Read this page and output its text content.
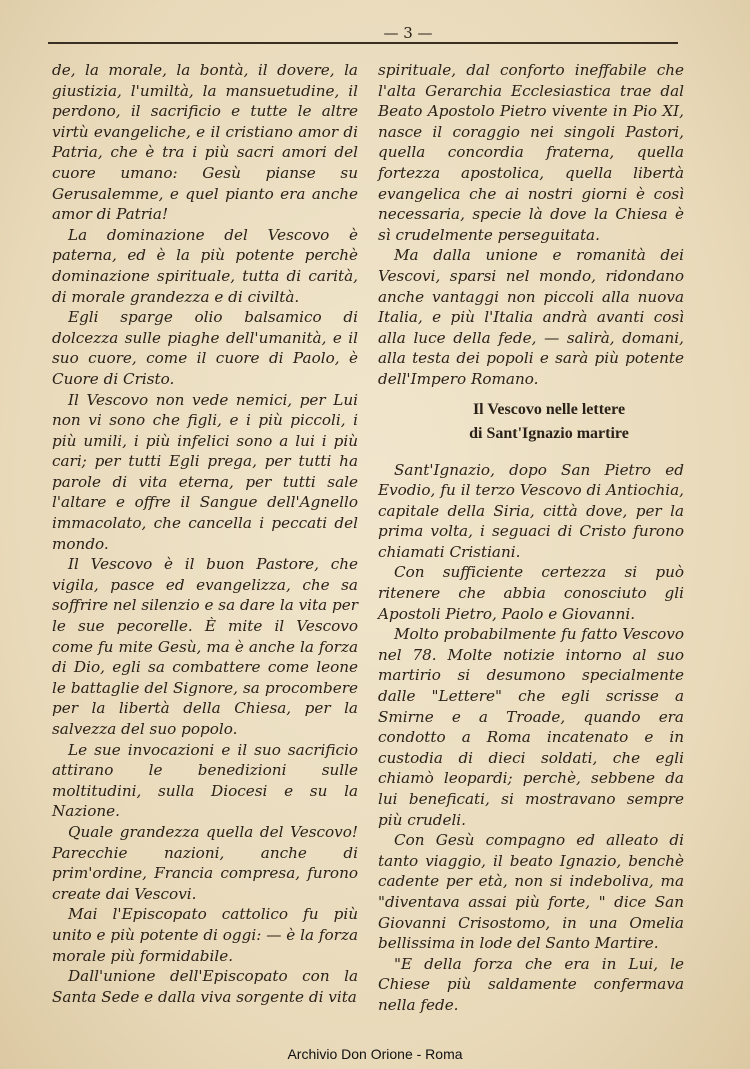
— 3 —

de, la morale, la bontà, il dovere, la giustizia, l'umiltà, la mansuetudine, il perdono, il sacrificio e tutte le altre virtù evangeliche, e il cristiano amor di Patria, che è tra i più sacri amori del cuore umano: Gesù pianse su Gerusalemme, e quel pianto era anche amor di Patria!

La dominazione del Vescovo è paterna, ed è la più potente perchè dominazione spirituale, tutta di carità, di morale grandezza e di civiltà.

Egli sparge olio balsamico di dolcezza sulle piaghe dell'umanità, e il suo cuore, come il cuore di Paolo, è Cuore di Cristo.

Il Vescovo non vede nemici, per Lui non vi sono che figli, e i più piccoli, i più umili, i più infelici sono a lui i più cari; per tutti Egli prega, per tutti ha parole di vita eterna, per tutti sale l'altare e offre il Sangue dell'Agnello immacolato, che cancella i peccati del mondo.

Il Vescovo è il buon Pastore, che vigila, pasce ed evangelizza, che sa soffrire nel silenzio e sa dare la vita per le sue pecorelle. È mite il Vescovo come fu mite Gesù, ma è anche la forza di Dio, egli sa combattere come leone le battaglie del Signore, sa procombere per la libertà della Chiesa, per la salvezza del suo popolo.

Le sue invocazioni e il suo sacrificio attirano le benedizioni sulle moltitudini, sulla Diocesi e su la Nazione.

Quale grandezza quella del Vescovo! Parecchie nazioni, anche di prim'ordine, Francia compresa, furono create dai Vescovi.

Mai l'Episcopato cattolico fu più unito e più potente di oggi: — è la forza morale più formidabile.

Dall'unione dell'Episcopato con la Santa Sede e dalla viva sorgente di vita

spirituale, dal conforto ineffabile che l'alta Gerarchia Ecclesiastica trae dal Beato Apostolo Pietro vivente in Pio XI, nasce il coraggio nei singoli Pastori, quella concordia fraterna, quella fortezza apostolica, quella libertà evangelica che ai nostri giorni è così necessaria, specie là dove la Chiesa è sì crudelmente perseguitata.

Ma dalla unione e romanità dei Vescovi, sparsi nel mondo, ridondano anche vantaggi non piccoli alla nuova Italia, e più l'Italia andrà avanti così alla luce della fede, — salirà, domani, alla testa dei popoli e sarà più potente dell'Impero Romano.

Il Vescovo nelle lettere
di Sant'Ignazio martire

Sant'Ignazio, dopo San Pietro ed Evodio, fu il terzo Vescovo di Antiochia, capitale della Siria, città dove, per la prima volta, i seguaci di Cristo furono chiamati Cristiani.

Con sufficiente certezza si può ritenere che abbia conosciuto gli Apostoli Pietro, Paolo e Giovanni.

Molto probabilmente fu fatto Vescovo nel 78. Molte notizie intorno al suo martirio si desumono specialmente dalle "Lettere" che egli scrisse a Smirne e a Troade, quando era condotto a Roma incatenato e in custodia di dieci soldati, che egli chiamò leopardi; perchè, sebbene da lui beneficati, si mostravano sempre più crudeli.

Con Gesù compagno ed alleato di tanto viaggio, il beato Ignazio, benchè cadente per età, non si indeboliva, ma "diventava assai più forte, " dice San Giovanni Crisostomo, in una Omelia bellissima in lode del Santo Martire.

"E della forza che era in Lui, le Chiese più saldamente confermava nella fede.

Archivio Don Orione - Roma
